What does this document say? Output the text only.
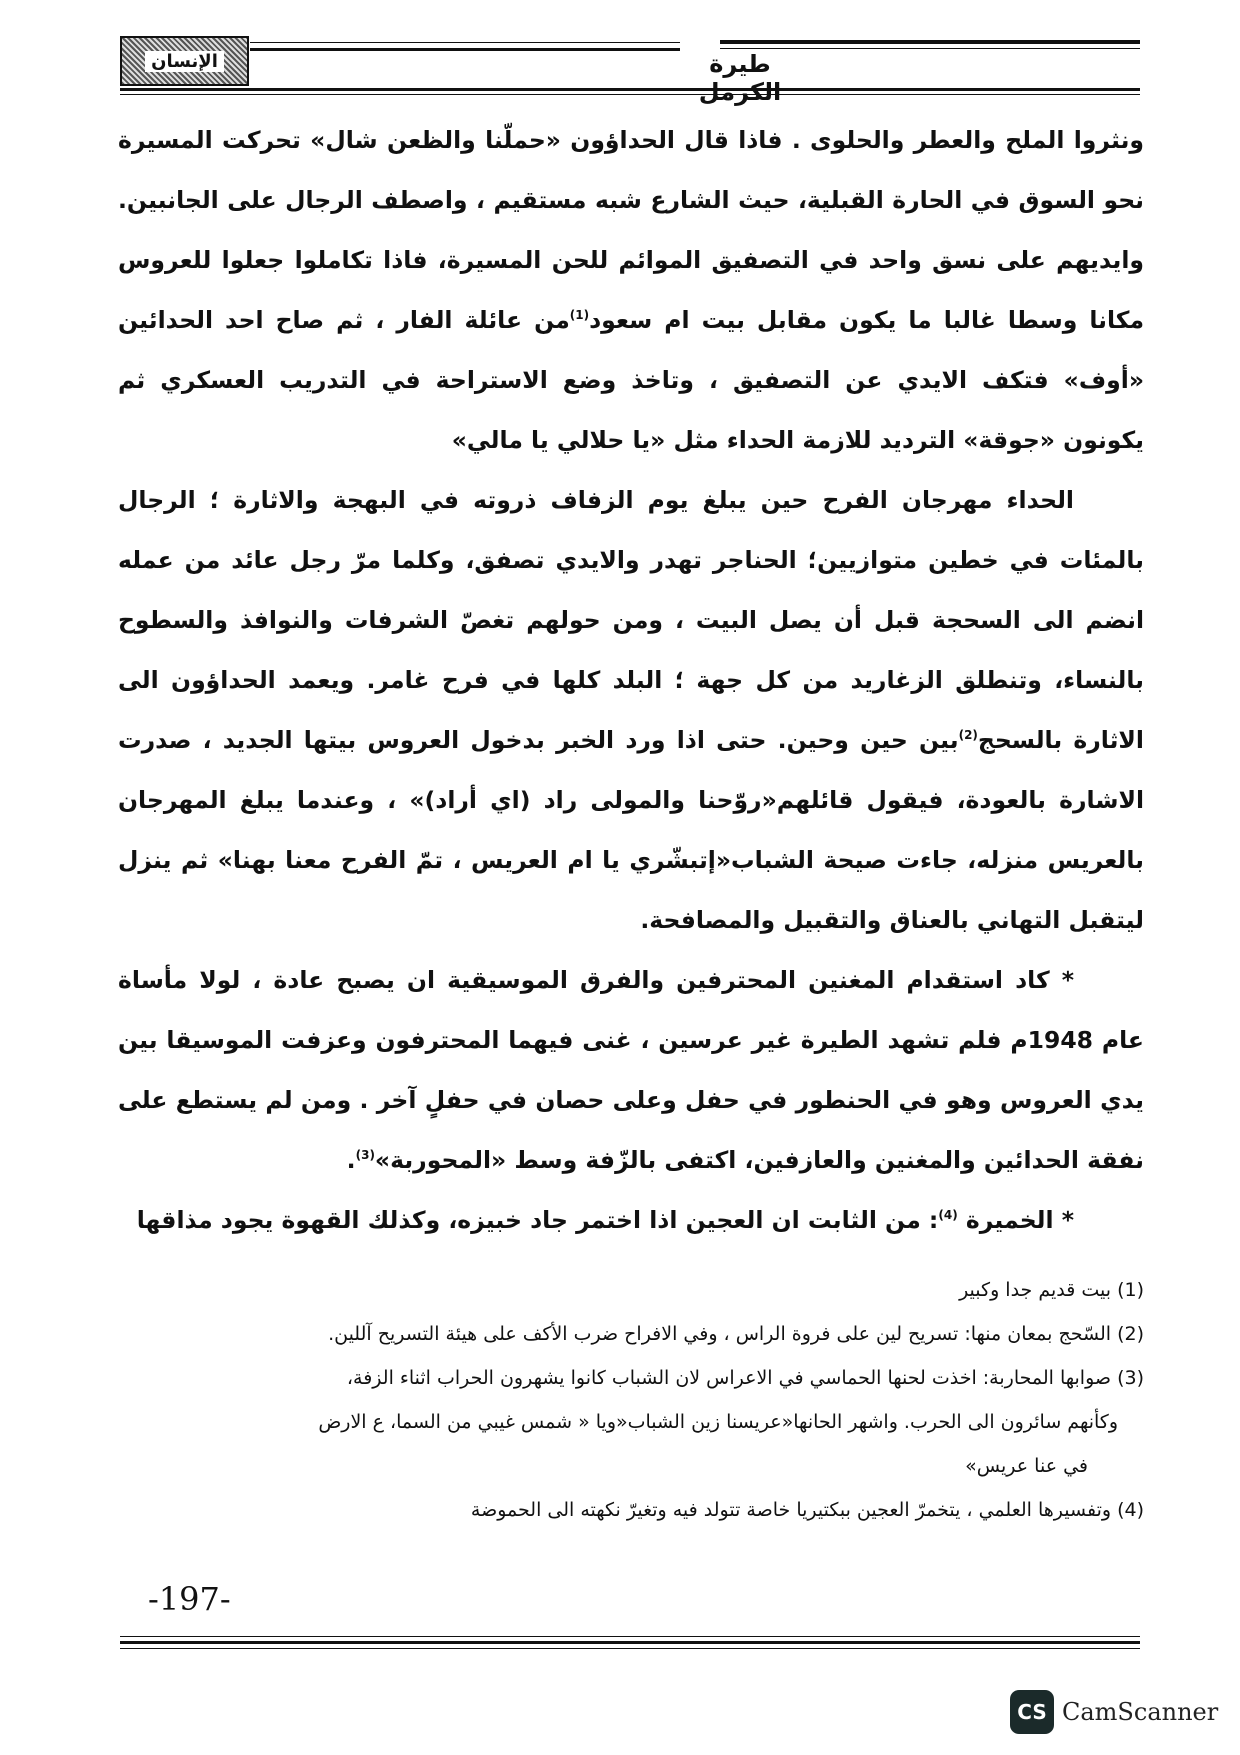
طيرة الكرمل
الإنسان

ونثروا الملح والعطر والحلوى . فاذا قال الحداؤون «حملّنا والظعن شال» تحركت المسيرة نحو السوق في الحارة القبلية، حيث الشارع شبه مستقيم ، واصطف الرجال على الجانبين. وايديهم على نسق واحد في التصفيق الموائم للحن المسيرة، فاذا تكاملوا جعلوا للعروس مكانا وسطا غالبا ما يكون مقابل بيت ام سعود$^{(1)}$من عائلة الفار ، ثم صاح احد الحدائين «أوف» فتكف الايدي عن التصفيق ، وتاخذ وضع الاستراحة في التدريب العسكري ثم يكونون «جوقة» الترديد للازمة الحداء مثل «يا حلالي يا مالي»

الحداء مهرجان الفرح حين يبلغ يوم الزفاف ذروته في البهجة والاثارة ؛ الرجال بالمئات في خطين متوازيين؛ الحناجر تهدر والايدي تصفق، وكلما مرّ رجل عائد من عمله انضم الى السحجة قبل أن يصل البيت ، ومن حولهم تغصّ الشرفات والنوافذ والسطوح بالنساء، وتنطلق الزغاريد من كل جهة ؛ البلد كلها في فرح غامر. ويعمد الحداؤون الى الاثارة بالسحج$^{(2)}$بين حين وحين. حتى اذا ورد الخبر بدخول العروس بيتها الجديد ، صدرت الاشارة بالعودة، فيقول قائلهم«روّحنا والمولى راد (اي أراد)» ، وعندما يبلغ المهرجان بالعريس منزله، جاءت صيحة الشباب«إتبشّري يا ام العريس ، تمّ الفرح معنا بهنا» ثم ينزل ليتقبل التهاني بالعناق والتقبيل والمصافحة.

* كاد استقدام المغنين المحترفين والفرق الموسيقية ان يصبح عادة ، لولا مأساة عام 1948م فلم تشهد الطيرة غير عرسين ، غنى فيهما المحترفون وعزفت الموسيقا بين يدي العروس وهو في الحنطور في حفل وعلى حصان في حفلٍ آخر . ومن لم يستطع على نفقة الحدائين والمغنين والعازفين، اكتفى بالزّفة وسط «المحوربة»$^{(3)}$.

* الخميرة $^{(4)}$: من الثابت ان العجين اذا اختمر جاد خبيزه، وكذلك القهوة يجود مذاقها

(1) بيت قديم جدا وكبير

(2) السّحج بمعان منها: تسريح لين على فروة الراس ، وفي الافراح ضرب الأكف على هيئة التسريح آللين.

(3) صوابها المحاربة: اخذت لحنها الحماسي في الاعراس لان الشباب كانوا يشهرون الحراب اثناء الزفة،

وكأنهم سائرون الى الحرب. واشهر الحانها«عريسنا زين الشباب«ويا « شمس غيبي من السما، ع الارض

في عنا عريس»

(4) وتفسيرها العلمي ، يتخمرّ العجين ببكتيريا خاصة تتولد فيه وتغيرّ نكهته الى الحموضة

-197-
CS CamScanner
